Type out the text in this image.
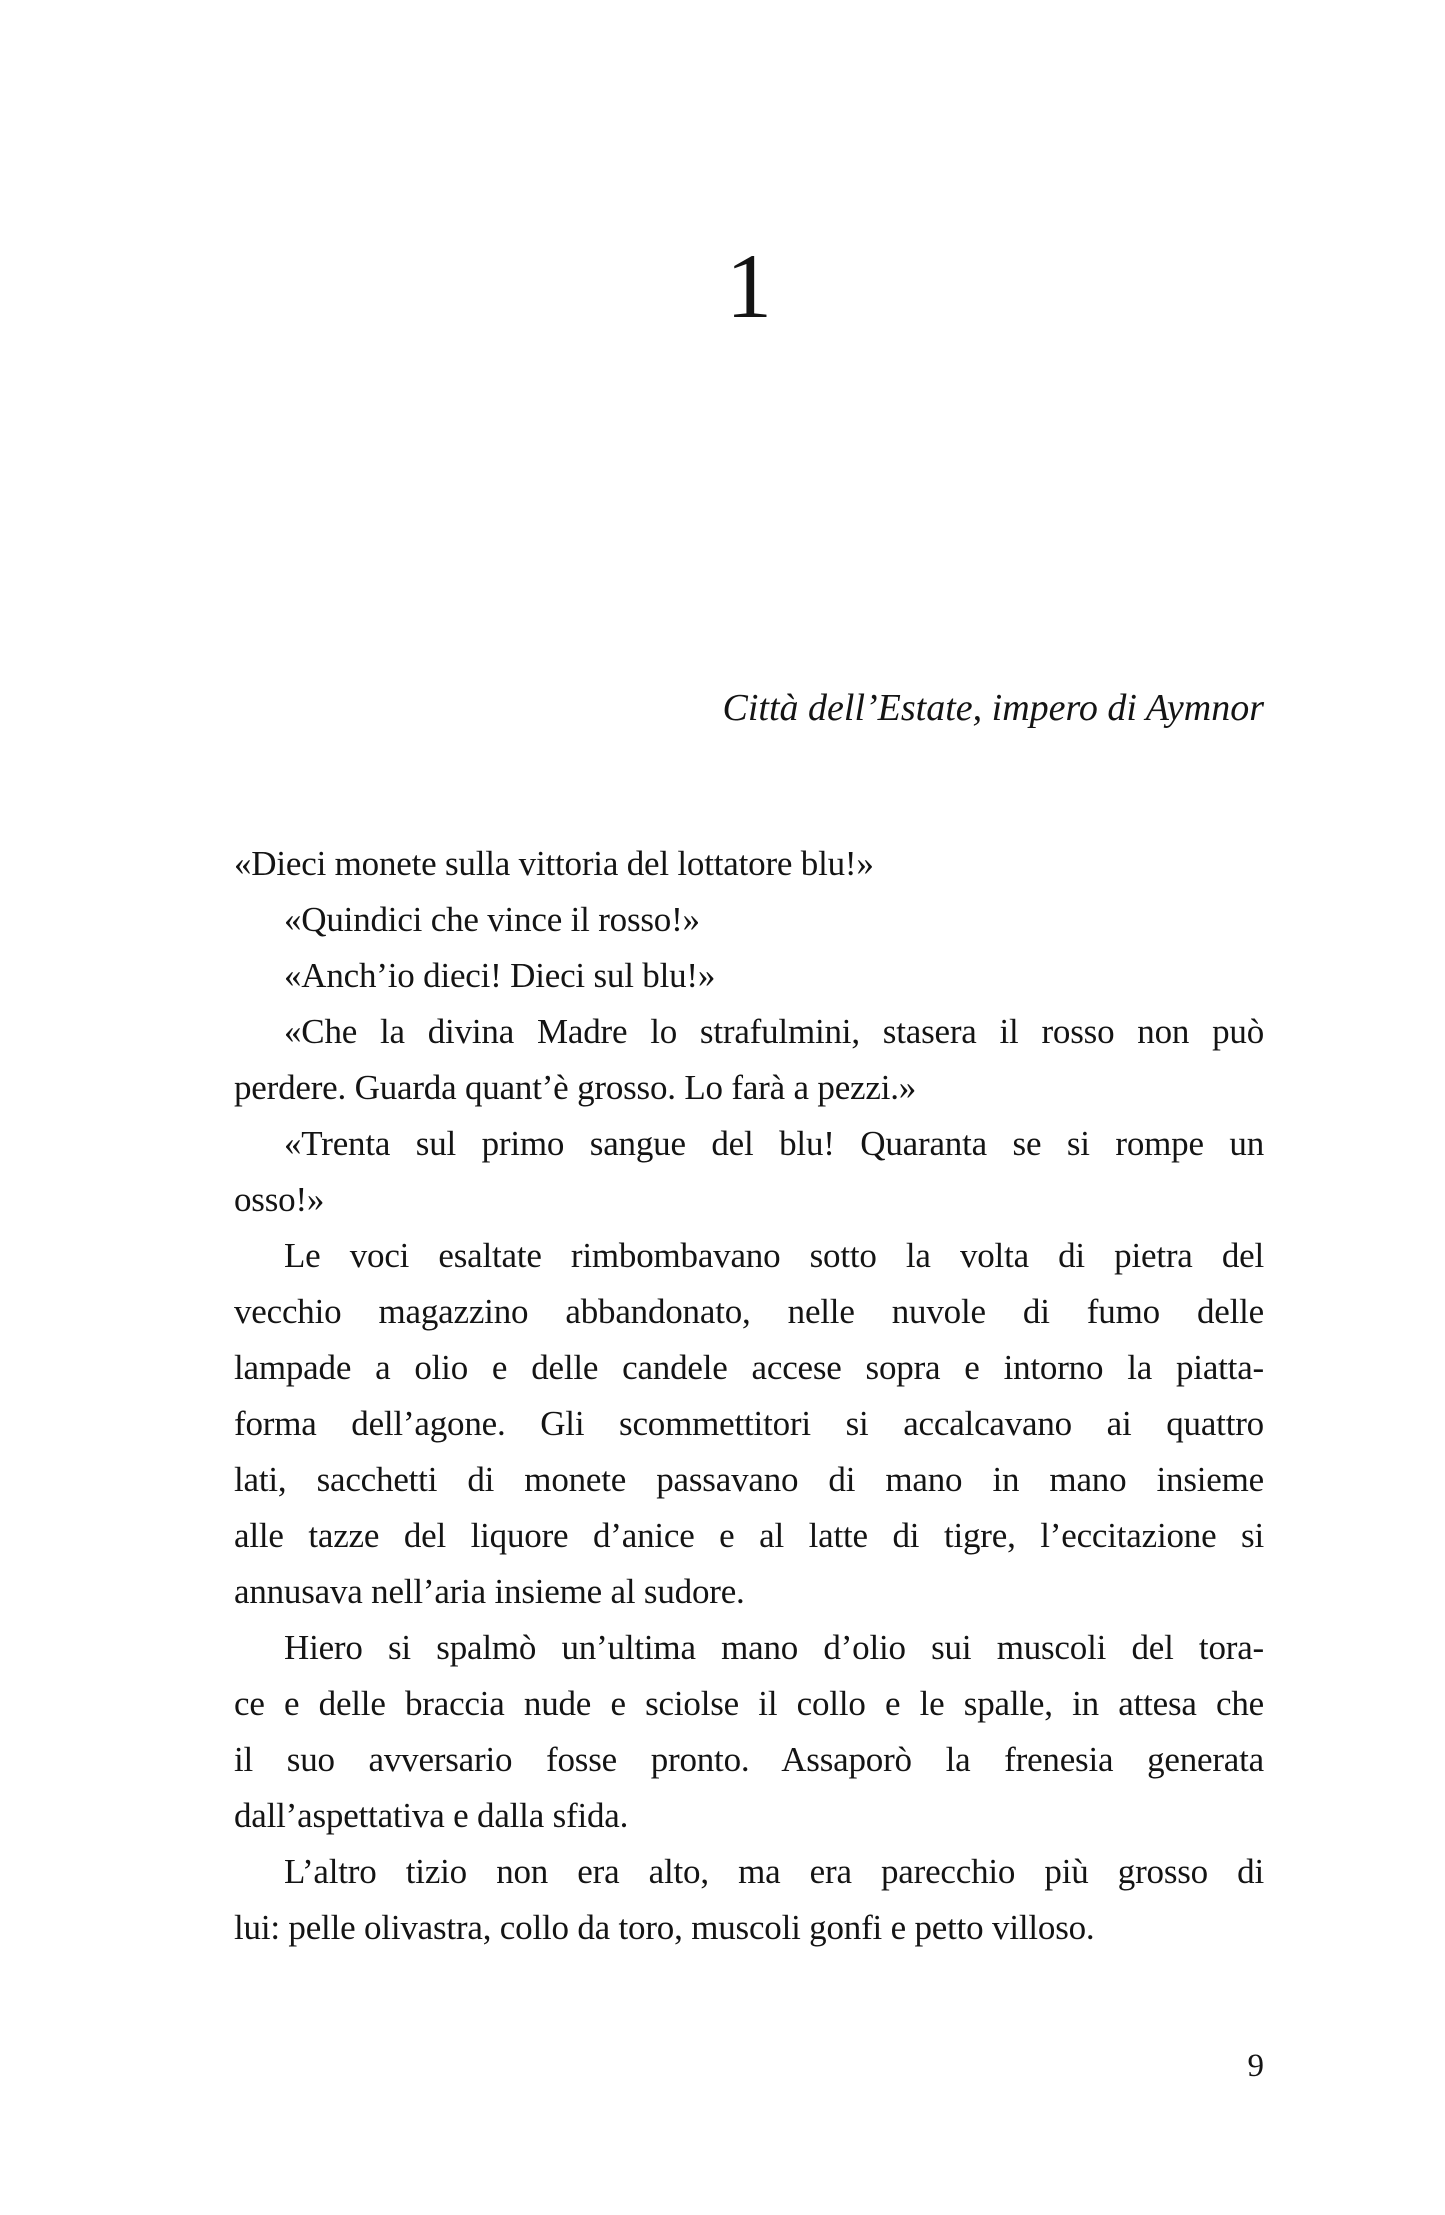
1
Città dell’Estate, impero di Aymnor
«Dieci monete sulla vittoria del lottatore blu!»
«Quindici che vince il rosso!»
«Anch’io dieci! Dieci sul blu!»
«Che la divina Madre lo strafulmini, stasera il rosso non può
perdere. Guarda quant’è grosso. Lo farà a pezzi.»
«Trenta sul primo sangue del blu! Quaranta se si rompe un
osso!»
Le voci esaltate rimbombavano sotto la volta di pietra del
vecchio magazzino abbandonato, nelle nuvole di fumo delle
lampade a olio e delle candele accese sopra e intorno la piatta-
forma dell’agone. Gli scommettitori si accalcavano ai quattro
lati, sacchetti di monete passavano di mano in mano insieme
alle tazze del liquore d’anice e al latte di tigre, l’eccitazione si
annusava nell’aria insieme al sudore.
Hiero si spalmò un’ultima mano d’olio sui muscoli del tora-
ce e delle braccia nude e sciolse il collo e le spalle, in attesa che
il suo avversario fosse pronto. Assaporò la frenesia generata
dall’aspettativa e dalla sfida.
L’altro tizio non era alto, ma era parecchio più grosso di
lui: pelle olivastra, collo da toro, muscoli gonfi e petto villoso.
9
